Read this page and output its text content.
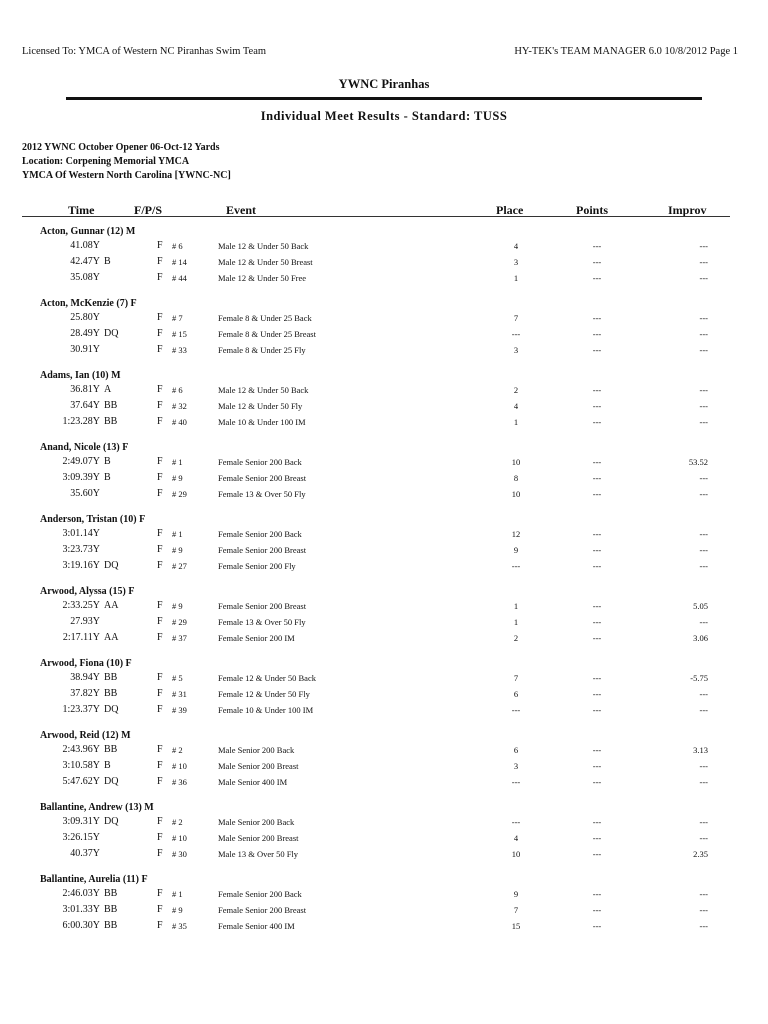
Licensed To: YMCA of Western NC Piranhas Swim Team	HY-TEK's TEAM MANAGER 6.0 10/8/2012 Page 1
YWNC Piranhas
Individual Meet Results - Standard: TUSS
2012 YWNC October Opener 06-Oct-12 Yards
Location: Corpening Memorial YMCA
YMCA Of Western North Carolina [YWNC-NC]
Time	F/P/S	Event	Place	Points	Improv
Acton, Gunnar (12) M
41.08Y	F # 6	Male 12 & Under 50 Back	4	---	---
42.47Y B	F # 14	Male 12 & Under 50 Breast	3	---	---
35.08Y	F # 44	Male 12 & Under 50 Free	1	---	---
Acton, McKenzie (7) F
25.80Y	F # 7	Female 8 & Under 25 Back	7	---	---
28.49Y DQ	F # 15	Female 8 & Under 25 Breast	---	---	---
30.91Y	F # 33	Female 8 & Under 25 Fly	3	---	---
Adams, Ian (10) M
36.81Y A	F # 6	Male 12 & Under 50 Back	2	---	---
37.64Y BB	F # 32	Male 12 & Under 50 Fly	4	---	---
1:23.28Y BB	F # 40	Male 10 & Under 100 IM	1	---	---
Anand, Nicole (13) F
2:49.07Y B	F # 1	Female Senior 200 Back	10	---	53.52
3:09.39Y B	F # 9	Female Senior 200 Breast	8	---	---
35.60Y	F # 29	Female 13 & Over 50 Fly	10	---	---
Anderson, Tristan (10) F
3:01.14Y	F # 1	Female Senior 200 Back	12	---	---
3:23.73Y	F # 9	Female Senior 200 Breast	9	---	---
3:19.16Y DQ	F # 27	Female Senior 200 Fly	---	---	---
Arwood, Alyssa (15) F
2:33.25Y AA	F # 9	Female Senior 200 Breast	1	---	5.05
27.93Y	F # 29	Female 13 & Over 50 Fly	1	---	---
2:17.11Y AA	F # 37	Female Senior 200 IM	2	---	3.06
Arwood, Fiona (10) F
38.94Y BB	F # 5	Female 12 & Under 50 Back	7	---	-5.75
37.82Y BB	F # 31	Female 12 & Under 50 Fly	6	---	---
1:23.37Y DQ	F # 39	Female 10 & Under 100 IM	---	---	---
Arwood, Reid (12) M
2:43.96Y BB	F # 2	Male Senior 200 Back	6	---	3.13
3:10.58Y B	F # 10	Male Senior 200 Breast	3	---	---
5:47.62Y DQ	F # 36	Male Senior 400 IM	---	---	---
Ballantine, Andrew (13) M
3:09.31Y DQ	F # 2	Male Senior 200 Back	---	---	---
3:26.15Y	F # 10	Male Senior 200 Breast	4	---	---
40.37Y	F # 30	Male 13 & Over 50 Fly	10	---	2.35
Ballantine, Aurelia (11) F
2:46.03Y BB	F # 1	Female Senior 200 Back	9	---	---
3:01.33Y BB	F # 9	Female Senior 200 Breast	7	---	---
6:00.30Y BB	F # 35	Female Senior 400 IM	15	---	---
